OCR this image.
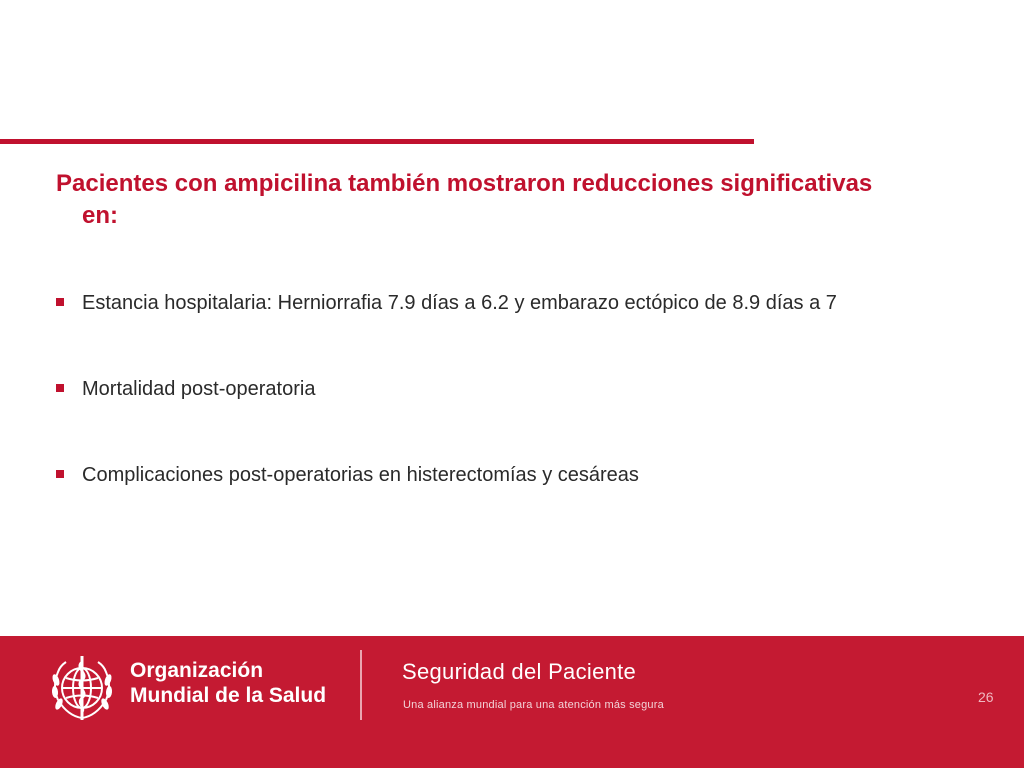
Pacientes con ampicilina también mostraron reducciones significativas en:
Estancia hospitalaria: Herniorrafia 7.9 días a 6.2 y embarazo ectópico de 8.9 días a 7
Mortalidad post-operatoria
Complicaciones post-operatorias en histerectomías y cesáreas
Organización
Mundial de la Salud
Seguridad del Paciente
Una alianza mundial para una atención más segura	26
